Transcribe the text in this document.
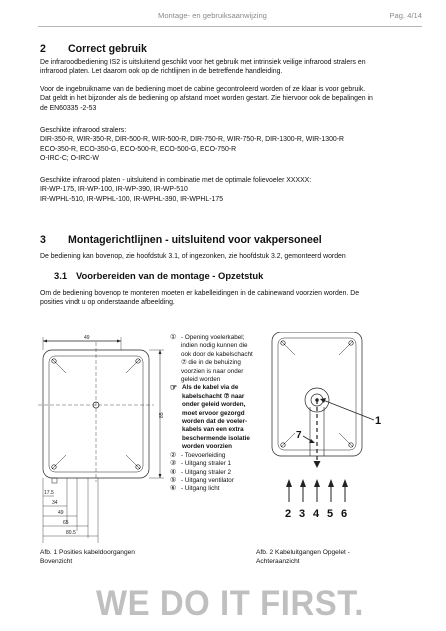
Montage- en gebruiksaanwijzing	Pag. 4/14
2 Correct gebruik
De infraroodbediening IS2 is uitsluitend geschikt voor het gebruik met intrinsiek veilige infrarood stralers en
infrarood platen. Let daarom ook op de richtlijnen in de betreffende handleiding.
Voor de ingebruikname van de bediening moet de cabine gecontroleerd worden of ze klaar is voor gebruik.
Dat geldt in het bijzonder als de bediening op afstand moet worden gestart. Zie hiervoor ook de bepalingen in
de EN60335 -2-53
Geschikte infrarood stralers:
DIR-350-R, WIR-350-R, DIR-500-R, WIR-500-R, DIR-750-R, WIR-750-R, DIR-1300-R, WIR-1300-R
ECO-350-R, ECO-350-G, ECO-500-R, ECO-500-G, ECO-750-R
O-IRC-C; O-IRC-W
Geschikte infrarood platen - uitsluitend in combinatie met de optimale folievoeler XXXXX:
IR-WP-175, IR-WP-100, IR-WP-390, IR-WP-510
IR-WPHL-510, IR-WPHL-100, IR-WPHL-390, IR-WPHL-175
3 Montagerichtlijnen - uitsluitend voor vakpersoneel
De bediening kan bovenop, zie hoofdstuk 3.1, of ingezonken, zie hoofdstuk 3.2, gemonteerd worden
3.1 Voorbereiden van de montage - Opzetstuk
Om de bediening bovenop te monteren moeten er kabelleidingen in de cabinewand voorzien worden. De
posities vindt u op onderstaande afbeelding.
49
85
17.5
34
49
65
80.5
① - Opening voelerkabel;
indien nodig kunnen die
ook door de kabelschacht
⑦ die in de behuizing
voorzien is naar onder
geleid worden
☞ Als de kabel via de
kabelschacht ⑦ naar
onder geleid worden,
moet ervoor gezorgd
worden dat de voeler-
kabels van een extra
beschermende isolatie
worden voorzien
② - Toevoerleiding
③ - Uitgang straler 1
④ - Uitgang straler 2
⑤ - Uitgang ventilator
⑥ - Uitgang licht
1
7
2 3 4 5 6
Afb. 1 Posities kabeldoorgangen
Bovenzicht
Afb. 2 Kabeluitgangen Opgelet -
Achteraanzicht
WE DO IT FIRST.
